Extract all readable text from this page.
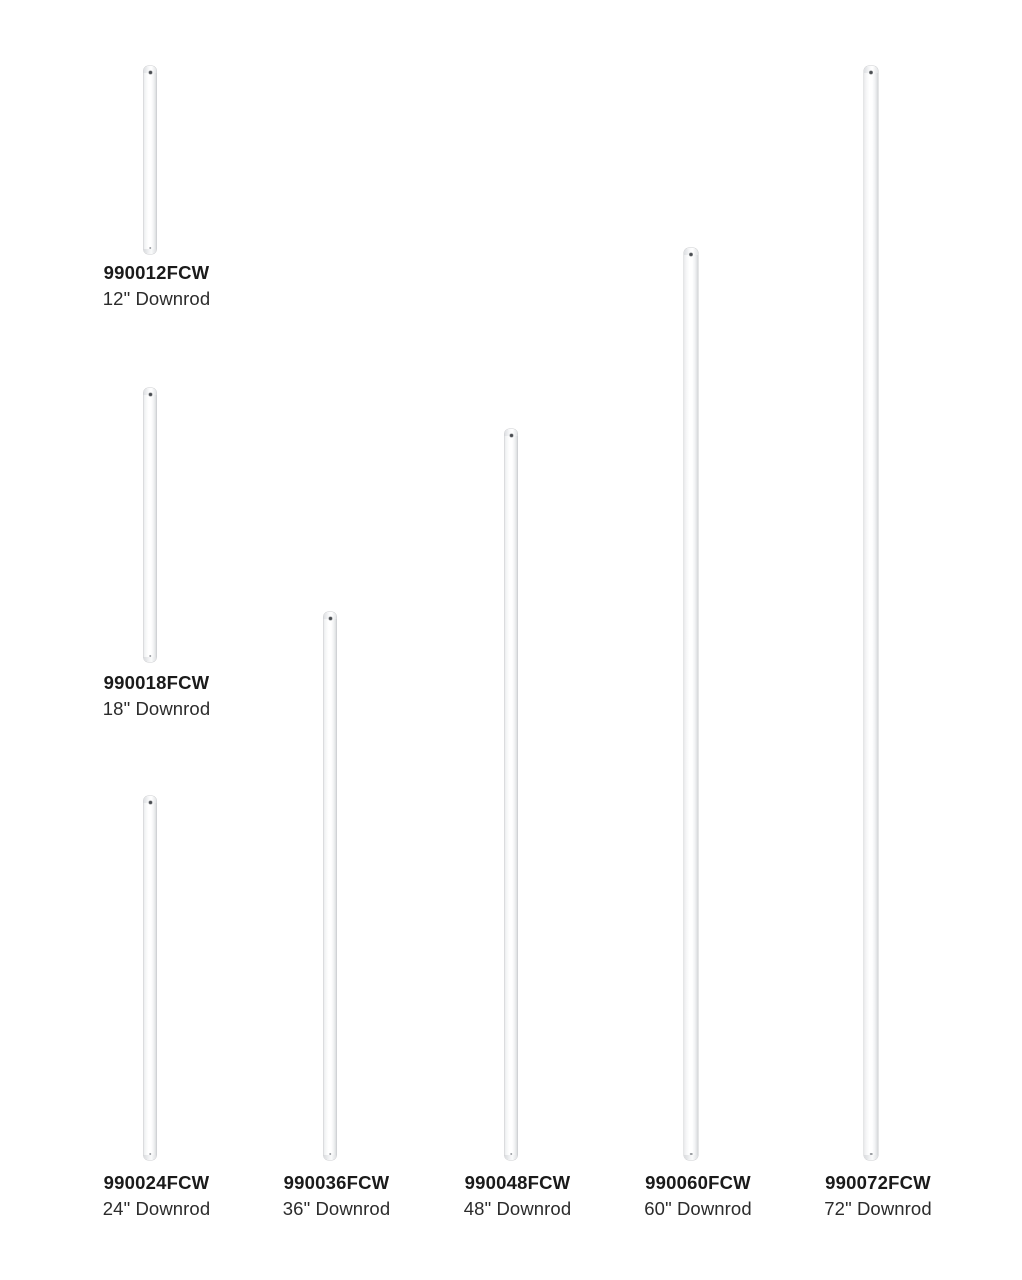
990012FCW
12" Downrod
990018FCW
18" Downrod
990024FCW
24" Downrod
990036FCW
36" Downrod
990048FCW
48" Downrod
990060FCW
60" Downrod
990072FCW
72" Downrod
